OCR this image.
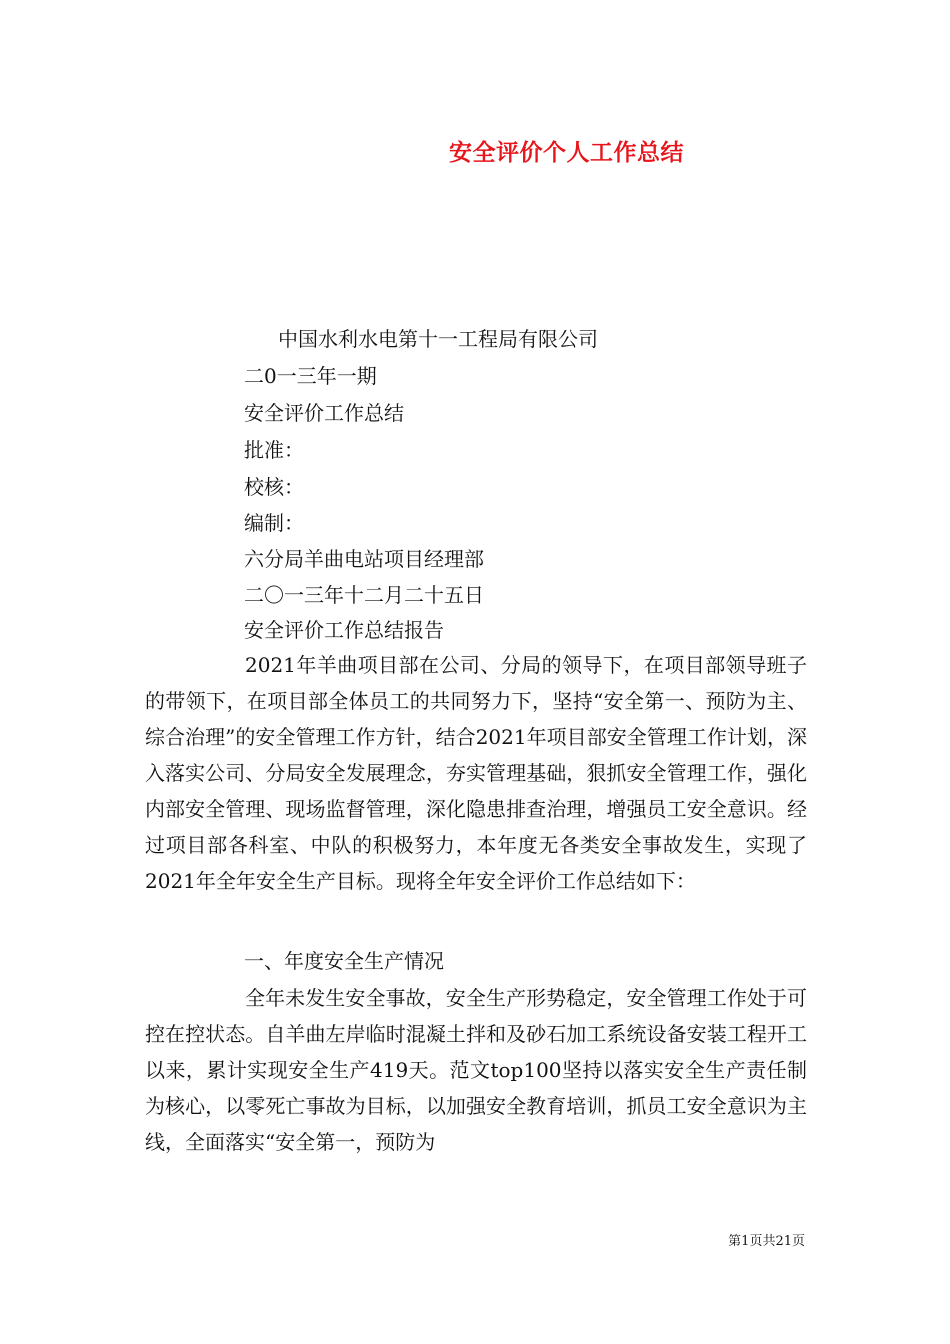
安全评价个人工作总结
中国水利水电第十一工程局有限公司
二0一三年一期
安全评价工作总结
批准：
校核：
编制：
六分局羊曲电站项目经理部
二〇一三年十二月二十五日
安全评价工作总结报告
2021年羊曲项目部在公司、分局的领导下，在项目部领导班子的带领下，在项目部全体员工的共同努力下，坚持“安全第一、预防为主、综合治理”的安全管理工作方针，结合2021年项目部安全管理工作计划，深入落实公司、分局安全发展理念，夯实管理基础，狠抓安全管理工作，强化内部安全管理、现场监督管理，深化隐患排查治理，增强员工安全意识。经过项目部各科室、中队的积极努力，本年度无各类安全事故发生，实现了2021年全年安全生产目标。现将全年安全评价工作总结如下：
一、年度安全生产情况
全年未发生安全事故，安全生产形势稳定，安全管理工作处于可控在控状态。自羊曲左岸临时混凝土拌和及砂石加工系统设备安装工程开工以来，累计实现安全生产419天。范文top100坚持以落实安全生产责任制为核心，以零死亡事故为目标，以加强安全教育培训，抓员工安全意识为主线，全面落实“安全第一，预防为
第1页共21页
